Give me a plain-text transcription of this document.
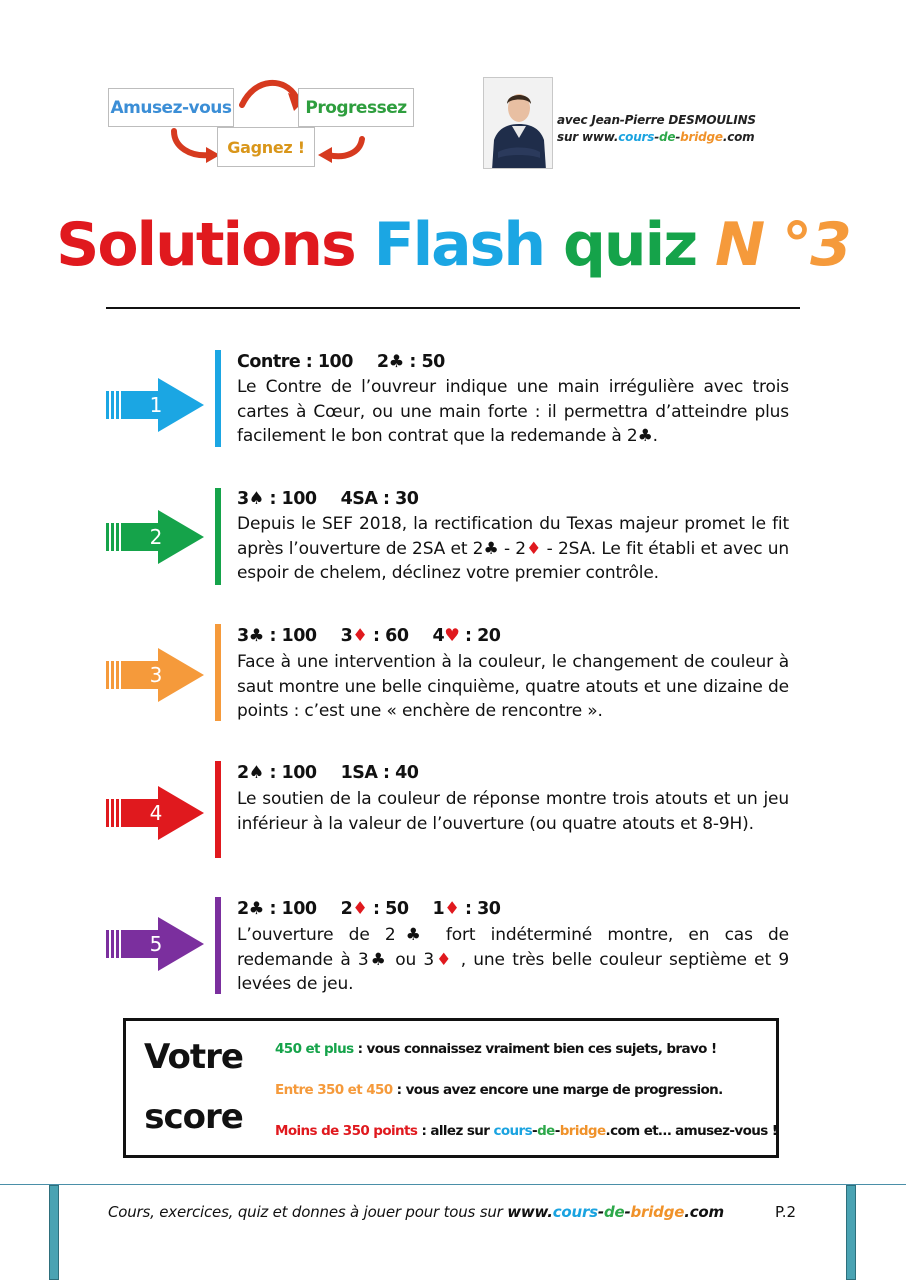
Amusez-vous	Progressez
Gagnez !
avec Jean-Pierre DESMOULINS
sur www.cours-de-bridge.com
Solutions Flash quiz N °3
1
Contre : 100 2♣ : 50
Le Contre de l’ouvreur indique une main irrégulière avec trois cartes à Cœur, ou une main forte : il permettra d’atteindre plus facilement le bon contrat que la redemande à 2♣.
2
3♠ : 100 4SA : 30
Depuis le SEF 2018, la rectification du Texas majeur promet le fit après l’ouverture de 2SA et 2♣ - 2♦ - 2SA. Le fit établi et avec un espoir de chelem, déclinez votre premier contrôle.
3
3♣ : 100 3♦ : 60 4♥ : 20
Face à une intervention à la couleur, le changement de couleur à saut montre une belle cinquième, quatre atouts et une dizaine de points : c’est une « enchère de rencontre ».
4
2♠ : 100 1SA : 40
Le soutien de la couleur de réponse montre trois atouts et un jeu inférieur à la valeur de l’ouverture (ou quatre atouts et 8-9H).
5
2♣ : 100 2♦ : 50 1♦ : 30
L’ouverture de 2♣ fort indéterminé montre, en cas de redemande à 3♣ ou 3♦ , une très belle couleur septième et 9 levées de jeu.
Votre
score
450 et plus : vous connaissez vraiment bien ces sujets, bravo !
Entre 350 et 450 : vous avez encore une marge de progression.
Moins de 350 points : allez sur cours-de-bridge.com et… amusez-vous !
Cours, exercices, quiz et donnes à jouer pour tous sur www.cours-de-bridge.com	P.2
